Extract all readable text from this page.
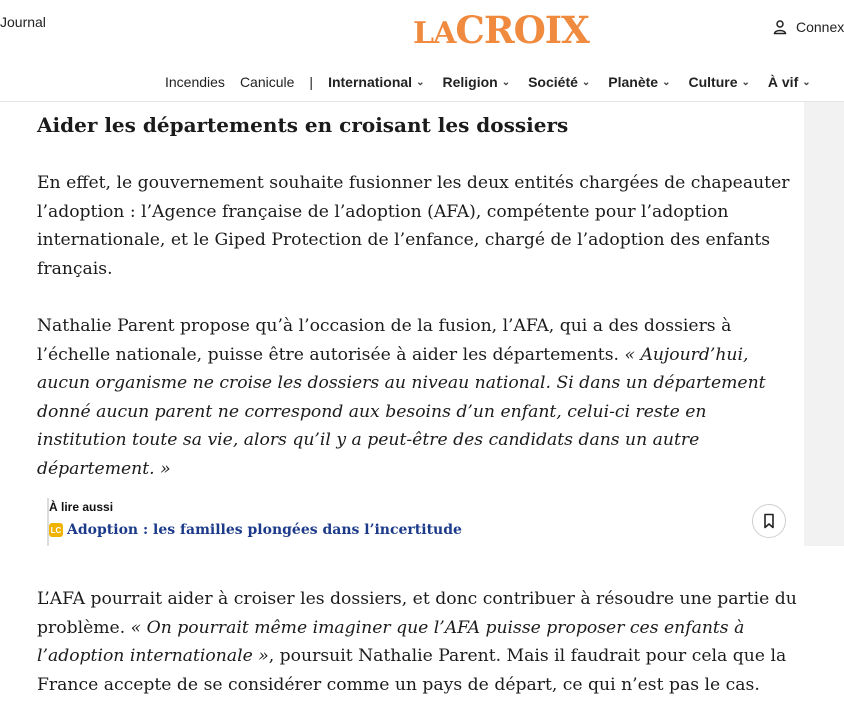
Journal	LACROIX	Connex
Incendies Canicule | International ⌄ Religion ⌄ Société ⌄ Planète ⌄ Culture ⌄ À vif ⌄
Aider les départements en croisant les dossiers

En effet, le gouvernement souhaite fusionner les deux entités chargées de chapeauter l’adoption : l’Agence française de l’adoption (AFA), compétente pour l’adoption internationale, et le Giped Protection de l’enfance, chargé de l’adoption des enfants français.

Nathalie Parent propose qu’à l’occasion de la fusion, l’AFA, qui a des dossiers à l’échelle nationale, puisse être autorisée à aider les départements. « Aujourd’hui, aucun organisme ne croise les dossiers au niveau national. Si dans un département donné aucun parent ne correspond aux besoins d’un enfant, celui-ci reste en institution toute sa vie, alors qu’il y a peut-être des candidats dans un autre département. »

L’AFA pourrait aider à croiser les dossiers, et donc contribuer à résoudre une partie du problème. « On pourrait même imaginer que l’AFA puisse proposer ces enfants à l’adoption internationale », poursuit Nathalie Parent. Mais il faudrait pour cela que la France accepte de se considérer comme un pays de départ, ce qui n’est pas le cas.

À lire aussi
LC Adoption : les familles plongées dans l’incertitude
